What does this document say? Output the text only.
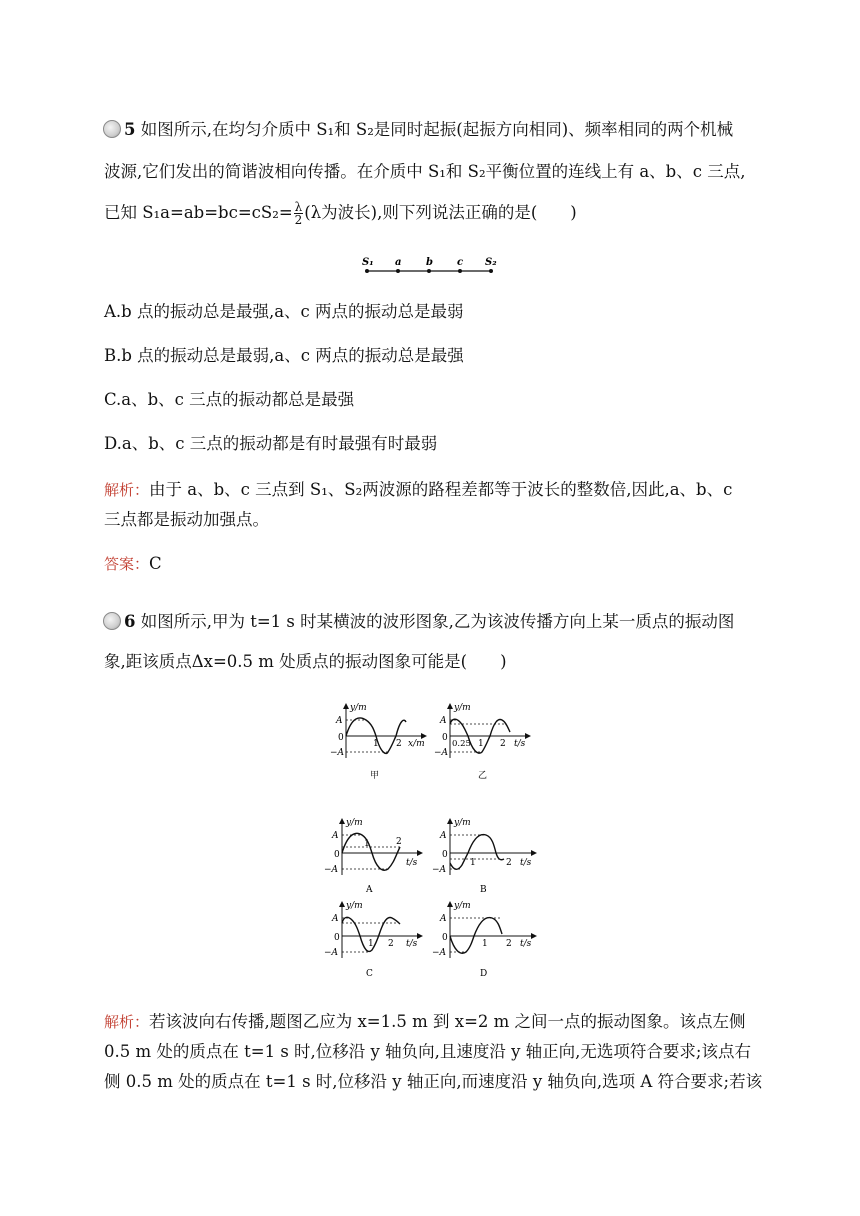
5 如图所示,在均匀介质中 S₁和 S₂是同时起振(起振方向相同)、频率相同的两个机械
波源,它们发出的简谐波相向传播。在介质中 S₁和 S₂平衡位置的连线上有 a、b、c 三点,
已知 $S_1a=ab=bc=cS_2= \frac{\lambda}{2} (\lambda$为波长),则下列说法正确的是(　　)
S₁ a b c S₂
A.b 点的振动总是最强,a、c 两点的振动总是最弱
B.b 点的振动总是最弱,a、c 两点的振动总是最强
C.a、b、c 三点的振动都总是最强
D.a、b、c 三点的振动都是有时最强有时最弱
解析：由于 a、b、c 三点到 S₁、S₂两波源的路程差都等于波长的整数倍,因此,a、b、c
三点都是振动加强点。
答案：C
6 如图所示,甲为 t=1 s 时某横波的波形图象,乙为该波传播方向上某一质点的振动图
象,距该质点Δx=0.5 m 处质点的振动图象可能是(　　)
y/m
A
0
−A
1 2 x/m
甲
y/m
A
0
−A
0.25 1 2 t/s
乙
y/m
A
0
−A
1	2
t/s
A
y/m
A
0
−A
1	2 t/s
B
y/m
A
0
−A
1 2 t/s
C
y/m
A
0
−A
1 2 t/s
D
解析：若该波向右传播,题图乙应为 x=1.5 m 到 x=2 m 之间一点的振动图象。该点左侧
0.5 m 处的质点在 t=1 s 时,位移沿 y 轴负向,且速度沿 y 轴正向,无选项符合要求;该点右
侧 0.5 m 处的质点在 t=1 s 时,位移沿 y 轴正向,而速度沿 y 轴负向,选项 A 符合要求;若该
